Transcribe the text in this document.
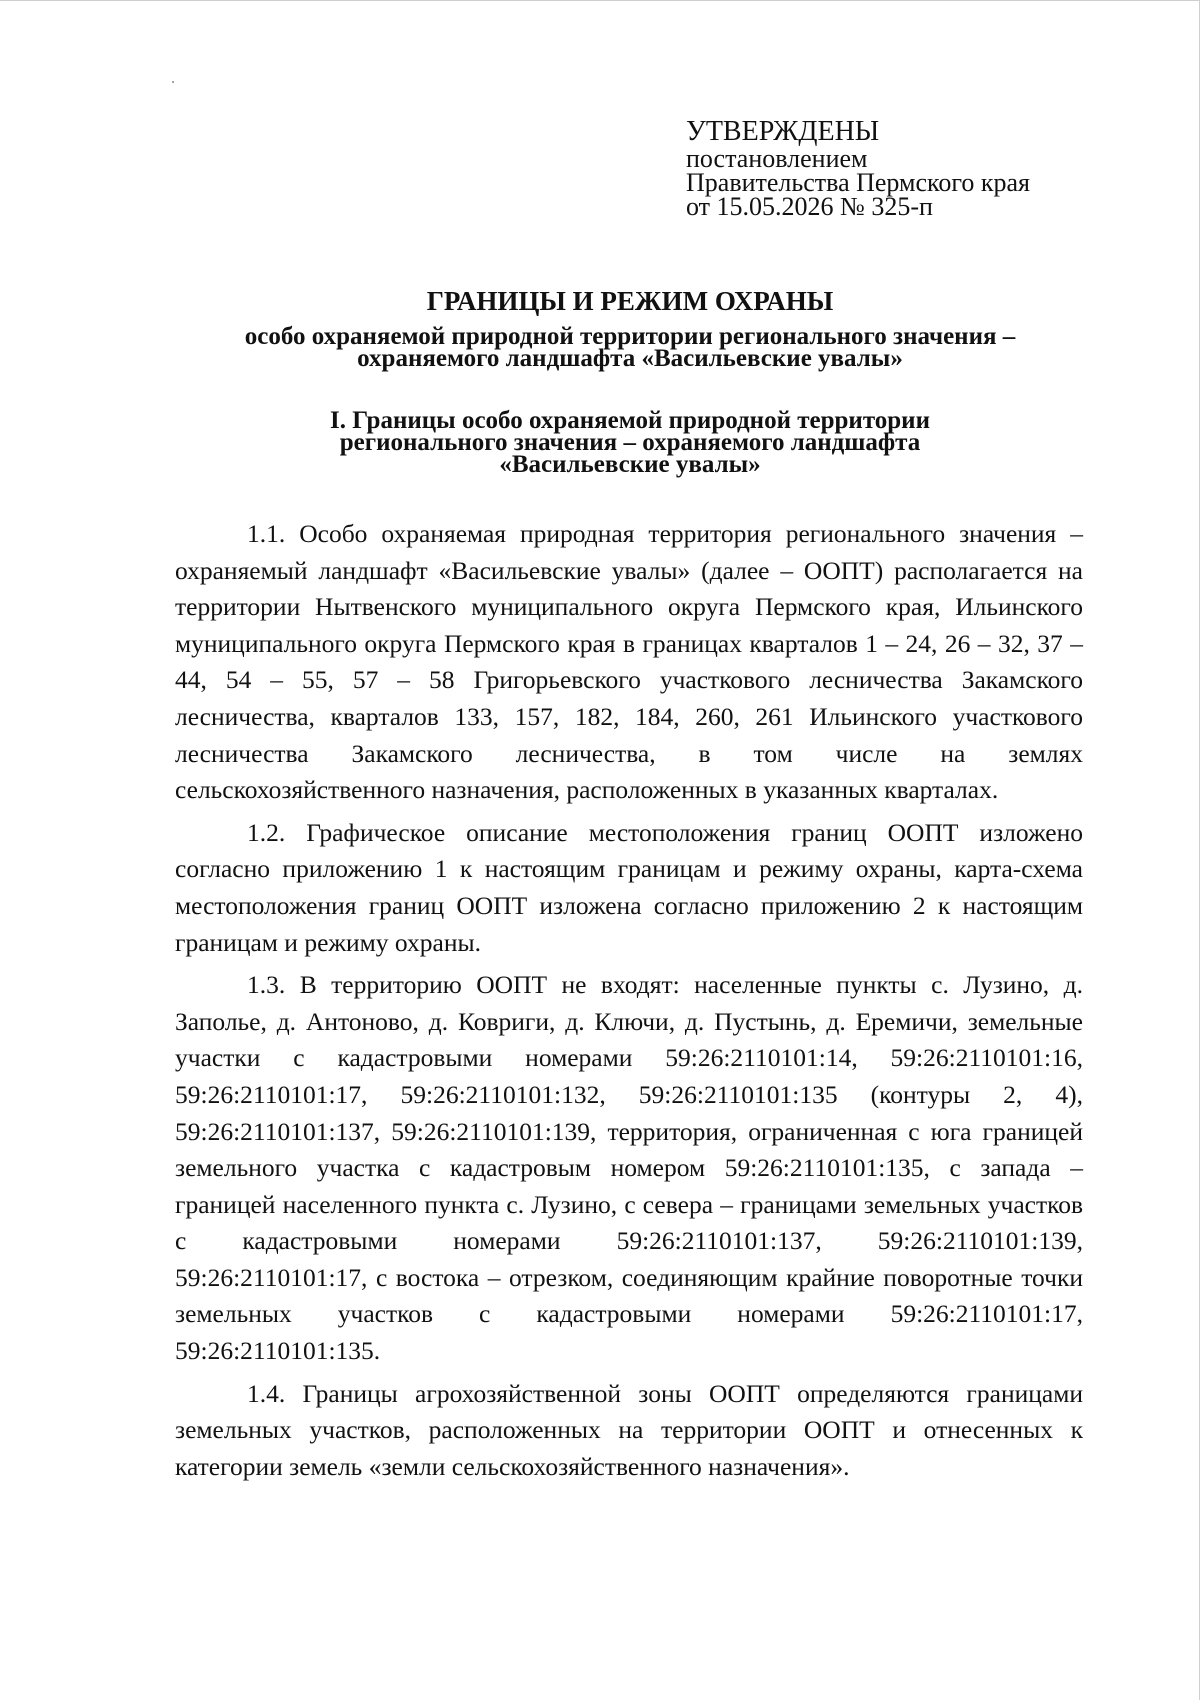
УТВЕРЖДЕНЫ
постановлением
Правительства Пермского края
от 15.05.2026 № 325-п
ГРАНИЦЫ И РЕЖИМ ОХРАНЫ
особо охраняемой природной территории регионального значения –
охраняемого ландшафта «Васильевские увалы»
I. Границы особо охраняемой природной территории
регионального значения – охраняемого ландшафта
«Васильевские увалы»

1.1. Особо охраняемая природная территория регионального значения – охраняемый ландшафт «Васильевские увалы» (далее – ООПТ) располагается на территории Нытвенского муниципального округа Пермского края, Ильинского муниципального округа Пермского края в границах кварталов 1 – 24, 26 – 32, 37 – 44, 54 – 55, 57 – 58 Григорьевского участкового лесничества Закамского лесничества, кварталов 133, 157, 182, 184, 260, 261 Ильинского участкового лесничества Закамского лесничества, в том числе на землях сельскохозяйственного назначения, расположенных в указанных кварталах.

1.2. Графическое описание местоположения границ ООПТ изложено согласно приложению 1 к настоящим границам и режиму охраны, карта-схема местоположения границ ООПТ изложена согласно приложению 2 к настоящим границам и режиму охраны.

1.3. В территорию ООПТ не входят: населенные пункты с. Лузино, д. Заполье, д. Антоново, д. Ковриги, д. Ключи, д. Пустынь, д. Еремичи, земельные участки с кадастровыми номерами 59:26:2110101:14, 59:26:2110101:16, 59:26:2110101:17, 59:26:2110101:132, 59:26:2110101:135 (контуры 2, 4), 59:26:2110101:137, 59:26:2110101:139, территория, ограниченная с юга границей земельного участка с кадастровым номером 59:26:2110101:135, с запада – границей населенного пункта с. Лузино, с севера – границами земельных участков с кадастровыми номерами 59:26:2110101:137, 59:26:2110101:139, 59:26:2110101:17, с востока – отрезком, соединяющим крайние поворотные точки земельных участков с кадастровыми номерами 59:26:2110101:17, 59:26:2110101:135.

1.4. Границы агрохозяйственной зоны ООПТ определяются границами земельных участков, расположенных на территории ООПТ и отнесенных к категории земель «земли сельскохозяйственного назначения».
